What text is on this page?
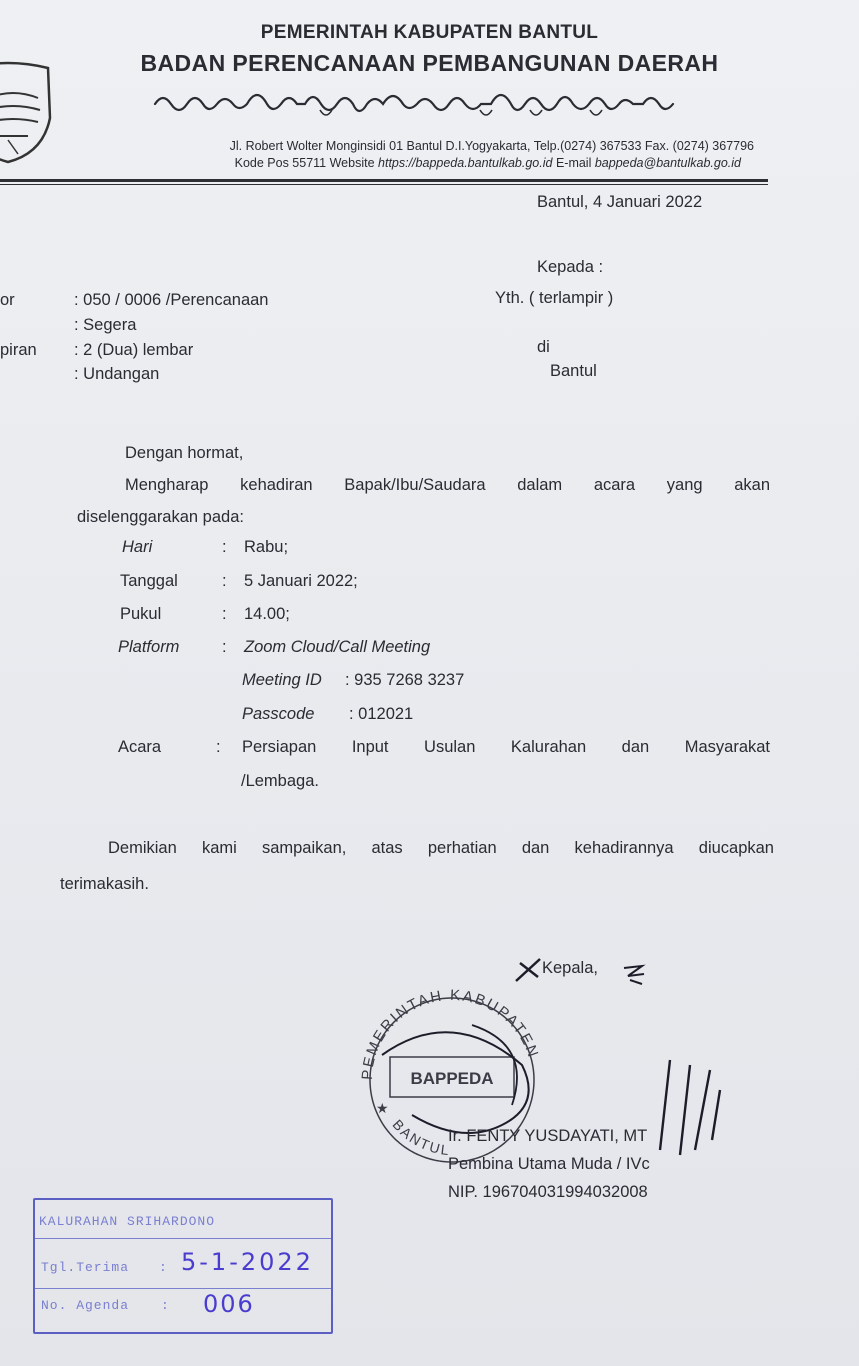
PEMERINTAH KABUPATEN BANTUL
BADAN PERENCANAAN PEMBANGUNAN DAERAH
Jl. Robert Wolter Monginsidi 01 Bantul D.I.Yogyakarta, Telp.(0274) 367533 Fax. (0274) 367796
Kode Pos 55711 Website https://bappeda.bantulkab.go.id E-mail bappeda@bantulkab.go.id
Bantul, 4 Januari 2022
Kepada :
Yth. ( terlampir )
di
Bantul
or	: 050 / 0006 /Perencanaan
: Segera
piran : 2 (Dua) lembar
: Undangan
Dengan hormat,
Mengharap kehadiran Bapak/Ibu/Saudara dalam acara yang akan
diselenggarakan pada:
Hari	: Rabu;
Tanggal	: 5 Januari 2022;
Pukul	: 14.00;
Platform	: Zoom Cloud/Call Meeting
Meeting ID : 935 7268 3237
Passcode : 012021
Acara	: Persiapan Input Usulan Kalurahan dan Masyarakat
/Lembaga.
Demikian kami sampaikan, atas perhatian dan kehadirannya diucapkan
terimakasih.
Kepala,
PEMERINTAH KABUPATEN
BAPPEDA
BANTUL
★
Ir. FENTY YUSDAYATI, MT
Pembina Utama Muda / IVc
NIP. 196704031994032008
KALURAHAN SRIHARDONO
Tgl.Terima : 5-1-2022
No. Agenda : 006
